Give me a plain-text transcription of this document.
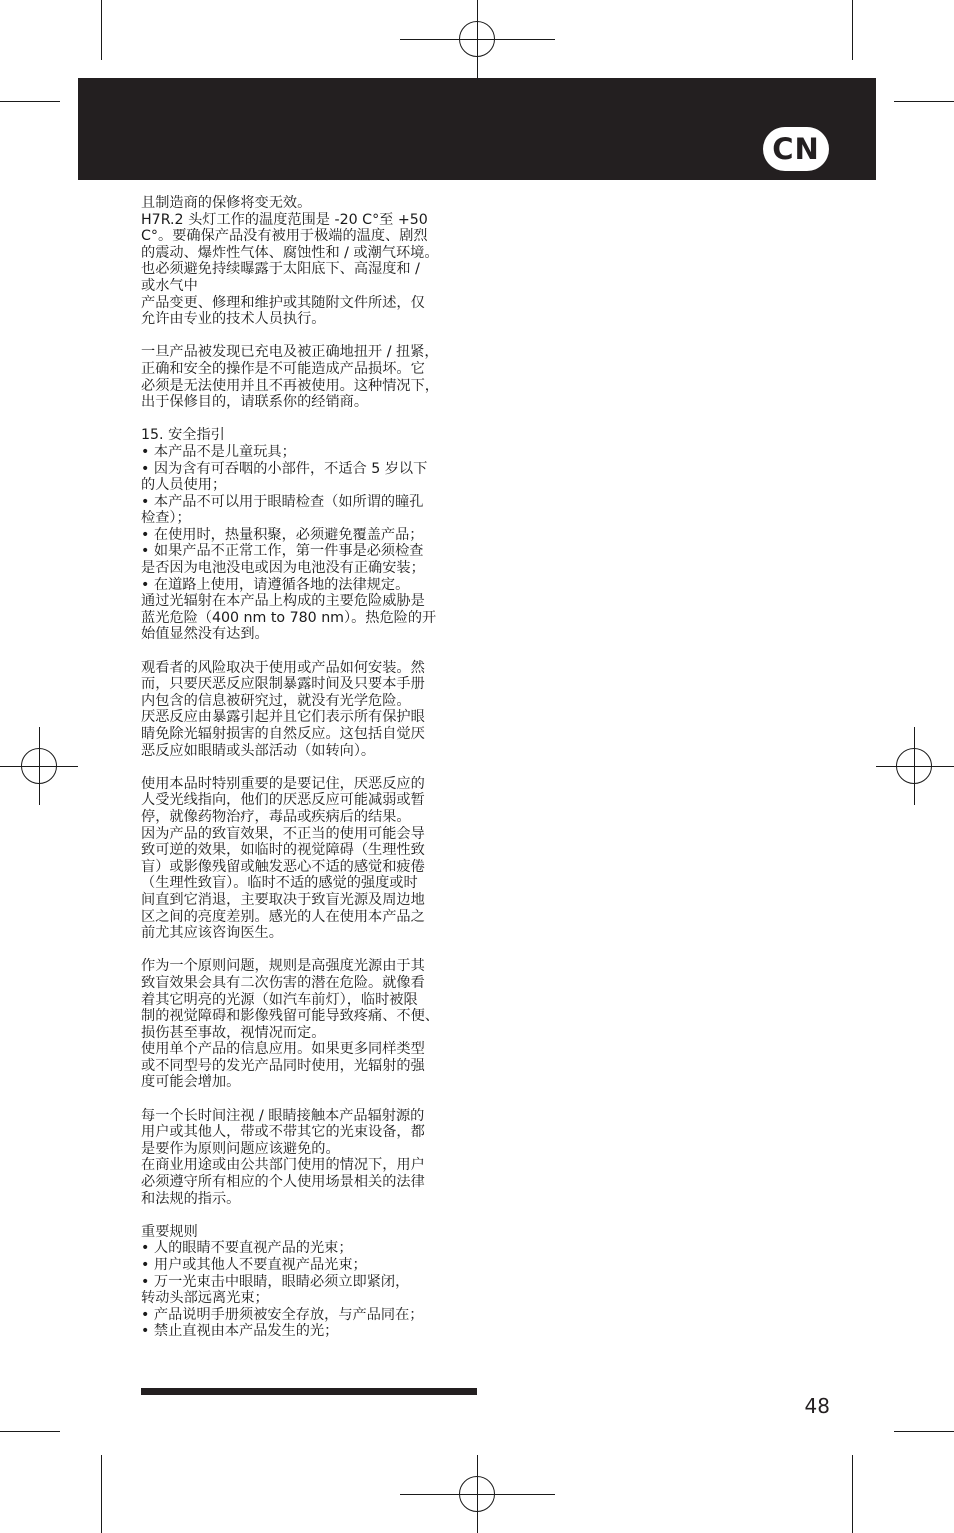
CN
且制造商的保修将变无效。
H7R.2 头灯工作的温度范围是 -20 C°至 +50
C°。要确保产品没有被用于极端的温度、剧烈
的震动、爆炸性气体、腐蚀性和 / 或潮气环境。
也必须避免持续曝露于太阳底下、高湿度和 /
或水气中
产品变更、修理和维护或其随附文件所述，仅
允许由专业的技术人员执行。
一旦产品被发现已充电及被正确地扭开 / 扭紧，
正确和安全的操作是不可能造成产品损坏。它
必须是无法使用并且不再被使用。这种情况下，
出于保修目的，请联系你的经销商。
15. 安全指引
• 本产品不是儿童玩具；
• 因为含有可吞咽的小部件，不适合 5 岁以下
的人员使用；
• 本产品不可以用于眼睛检查（如所谓的瞳孔
检查）；
• 在使用时，热量积聚，必须避免覆盖产品；
• 如果产品不正常工作，第一件事是必须检查
是否因为电池没电或因为电池没有正确安装；
• 在道路上使用，请遵循各地的法律规定。
通过光辐射在本产品上构成的主要危险威胁是
蓝光危险（400 nm to 780 nm）。热危险的开
始值显然没有达到。
观看者的风险取决于使用或产品如何安装。然
而，只要厌恶反应限制暴露时间及只要本手册
内包含的信息被研究过，就没有光学危险。
厌恶反应由暴露引起并且它们表示所有保护眼
睛免除光辐射损害的自然反应。这包括自觉厌
恶反应如眼睛或头部活动（如转向）。
使用本品时特别重要的是要记住，厌恶反应的
人受光线指向，他们的厌恶反应可能减弱或暂
停，就像药物治疗，毒品或疾病后的结果。
因为产品的致盲效果，不正当的使用可能会导
致可逆的效果，如临时的视觉障碍（生理性致
盲）或影像残留或触发恶心不适的感觉和疲倦
（生理性致盲）。临时不适的感觉的强度或时
间直到它消退，主要取决于致盲光源及周边地
区之间的亮度差别。感光的人在使用本产品之
前尤其应该咨询医生。
作为一个原则问题，规则是高强度光源由于其
致盲效果会具有二次伤害的潜在危险。就像看
着其它明亮的光源（如汽车前灯），临时被限
制的视觉障碍和影像残留可能导致疼痛、不便、
损伤甚至事故，视情况而定。
使用单个产品的信息应用。如果更多同样类型
或不同型号的发光产品同时使用，光辐射的强
度可能会增加。
每一个长时间注视 / 眼睛接触本产品辐射源的
用户或其他人，带或不带其它的光束设备，都
是要作为原则问题应该避免的。
在商业用途或由公共部门使用的情况下，用户
必须遵守所有相应的个人使用场景相关的法律
和法规的指示。
重要规则
• 人的眼睛不要直视产品的光束；
• 用户或其他人不要直视产品光束；
• 万一光束击中眼睛，眼睛必须立即紧闭，
转动头部远离光束；
• 产品说明手册须被安全存放，与产品同在；
• 禁止直视由本产品发生的光；
48
